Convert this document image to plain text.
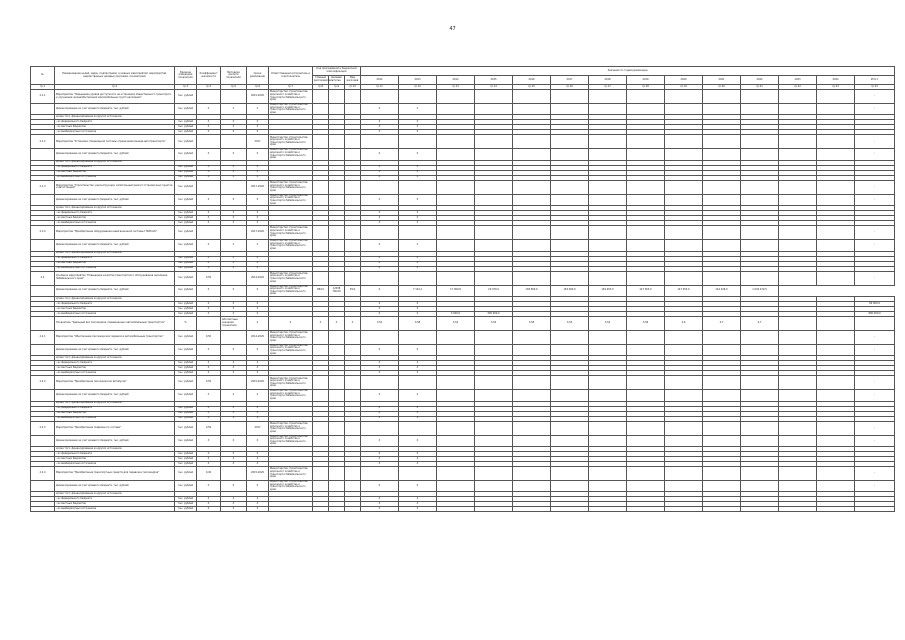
47
№	Наименование целей, задач, подпрограмм, основных мероприятий, мероприятий, ведомственных целевых программ, показателей	Единица измерения показателя	Коэффициент значимости	Методика расчета показателя	Сроки реализации	Ответственный исполнитель и соисполнитель	Код программной и бюджетной классификации			Значения по годам реализации													
							Главный распорядитель	Целевая статья	Вид расходов	2012	2013	2014	2015	2016	2017	2018	2019	2020	2021	2022	2023	2024	Итого
гр.1	гр.2	гр.3	гр.4	гр.5	гр.6	гр.7	гр.8	гр.9	гр.10	гр.11	гр.12	гр.13	гр.14	гр.15	гр.16	гр.17	гр.18	гр.19	гр.20	гр.21	гр.22	гр.23	гр.24
2.1.1	Мероприятие "Повышение уровня доступности на остановках общественного транспорта и улучшение жизнеобеспечения маломобильных групп населения"	тыс. рублей			2015-2020	Министерство строительства, дорожного хозяйства и транспорта Забайкальского края																	-
	финансирование за счет краевого бюджета, тыс. рублей	тыс. рублей	X	X	X	Министерство строительства, дорожного хозяйства и транспорта Забайкальского края				X	X												-
	кроме того, финансирование из других источников																						
	- из федерального бюджета	тыс. рублей	X	X	X					X	X												
	- из местных бюджетов	тыс. рублей	X	X	X					X	X												
	- из внебюджетных источников	тыс. рублей	X	X	X					X	X												
2.1.2	Мероприятие "Установка специальной системы ограничения въезда автотранспорта"	тыс. рублей			2017	Министерство строительства, дорожного хозяйства и транспорта Забайкальского края																	-
	финансирование за счет краевого бюджета, тыс. рублей	тыс. рублей	X	X	X	Министерство строительства, дорожного хозяйства и транспорта Забайкальского края				X	X												-
	кроме того, финансирование из других источников																						
	- из федерального бюджета	тыс. рублей	X	X	X					X	X												
	- из местных бюджетов	тыс. рублей	X	X	X					X	X												
	- из внебюджетных источников	тыс. рублей	X	X	X					X	X												
2.1.3	Мероприятие "Строительство, реконструкция, капитальный ремонт остановочных пунктов и автостанций"	тыс. рублей			2017-2020	Министерство строительства, дорожного хозяйства и транспорта Забайкальского края																	-
	финансирование за счет краевого бюджета, тыс. рублей	тыс. рублей	X	X	X	Министерство строительства, дорожного хозяйства и транспорта Забайкальского края				X	X												-
	кроме того, финансирование из других источников																						
	- из федерального бюджета	тыс. рублей	X	X	X					X	X												
	- из местных бюджетов	тыс. рублей	X	X	X					X	X												
	- из внебюджетных источников	тыс. рублей	X	X	X					X	X												
2.1.4	Мероприятие "Приобретение оборудования навигационной системы ГЛОНАСС"	тыс. рублей			2017-2020	Министерство строительства, дорожного хозяйства и транспорта Забайкальского края																	-
	финансирование за счет краевого бюджета, тыс. рублей	тыс. рублей	X	X	X	Министерство строительства, дорожного хозяйства и транспорта Забайкальского края				X	X												-
	кроме того, финансирование из других источников																						
	- из федерального бюджета	тыс. рублей	X	X	X					X	X												
	- из местных бюджетов	тыс. рублей	X	X	X					X	X												
	- из внебюджетных источников	тыс. рублей	X	X	X					X	X												
2.2	Основное мероприятие "Повышение качества транспортного обслуживания населения Забайкальского края"	тыс. рублей	0,50		2014-2020	Министерство строительства, дорожного хозяйства и транспорта Забайкальского края																	-
	финансирование за счет краевого бюджета, тыс. рублей	тыс. рублей	X	X	X	Министерство строительства, дорожного хозяйства и транспорта Забайкальского края	884,5	12038 700,00	59,6	X	7 124,1	17 000,8	20 070,9	138 560,0	163 000,0	149 453,0	147 053,0	147 053,0	144 426,0	1 004 470,5			
	кроме того, финансирование из других источников																						
	- из федерального бюджета	тыс. рублей	X	X	X					X	X												80 000,0
	- из местных бюджетов	тыс. рублей	X	X	X					X	X												
	- из внебюджетных источников	тыс. рублей	X	X	X					X	X	5 000,0	300 000,0										800 000,0
	Показатель "Удельный вес пассажиров, перевезенных автомобильным транспортом"	%		Абсолютные значения показателя	X	X	X	X	X	3,52	3,58	3,54	3,54	3,58	3,54	3,54	3,56	4,6	4,7	4,7			
2.2.1	Мероприятие "Обеспечение пассажирских перевозок автомобильным транспортом"	тыс. рублей	0,50		2014-2020	Министерство строительства, дорожного хозяйства и транспорта Забайкальского края																	-
	финансирование за счет краевого бюджета, тыс. рублей	тыс. рублей	X	X	X	Министерство строительства, дорожного хозяйства и транспорта Забайкальского края				X	X												-
	кроме того, финансирование из других источников																						
	- из федерального бюджета	тыс. рублей	X	X	X					X	X												
	- из местных бюджетов	тыс. рублей	X	X	X					X	X												
	- из внебюджетных источников	тыс. рублей	X	X	X					X	X												
2.2.2	Мероприятие "Приобретение пассажирских автобусов"	тыс. рублей	0,50		2015-2020	Министерство строительства, дорожного хозяйства и транспорта Забайкальского края																	-
	финансирование за счет краевого бюджета, тыс. рублей	тыс. рублей	X	X	X	Министерство строительства, дорожного хозяйства и транспорта Забайкальского края				X	X												-
	кроме того, финансирование из других источников																						
	- из федерального бюджета	тыс. рублей	X	X	X					X	X												
	- из местных бюджетов	тыс. рублей	X	X	X					X	X												
	- из внебюджетных источников	тыс. рублей	X	X	X					X	X												
2.2.3	Мероприятие "Приобретение подвижного состава"	тыс. рублей	0,50		2017	Министерство строительства, дорожного хозяйства и транспорта Забайкальского края																	-
	финансирование за счет краевого бюджета, тыс. рублей	тыс. рублей	X	X	X	Министерство строительства, дорожного хозяйства и транспорта Забайкальского края				X	X												-
	кроме того, финансирование из других источников																						
	- из федерального бюджета	тыс. рублей	X	X	X					X	X												
	- из местных бюджетов	тыс. рублей	X	X	X					X	X												
	- из внебюджетных источников	тыс. рублей	X	X	X					X	X												
2.2.4	Мероприятие "Приобретение транспортных средств для перевозки пассажиров"	тыс. рублей	0,40		2015-2020	Министерство строительства, дорожного хозяйства и транспорта Забайкальского края																	-
	финансирование за счет краевого бюджета, тыс. рублей	тыс. рублей	X	X	X	Министерство строительства, дорожного хозяйства и транспорта Забайкальского края				X	X												-
	кроме того, финансирование из других источников																						
	- из федерального бюджета	тыс. рублей	X	X	X					X	X												
	- из местных бюджетов	тыс. рублей	X	X	X					X	X												
	- из внебюджетных источников	тыс. рублей	X	X	X					X	X												
